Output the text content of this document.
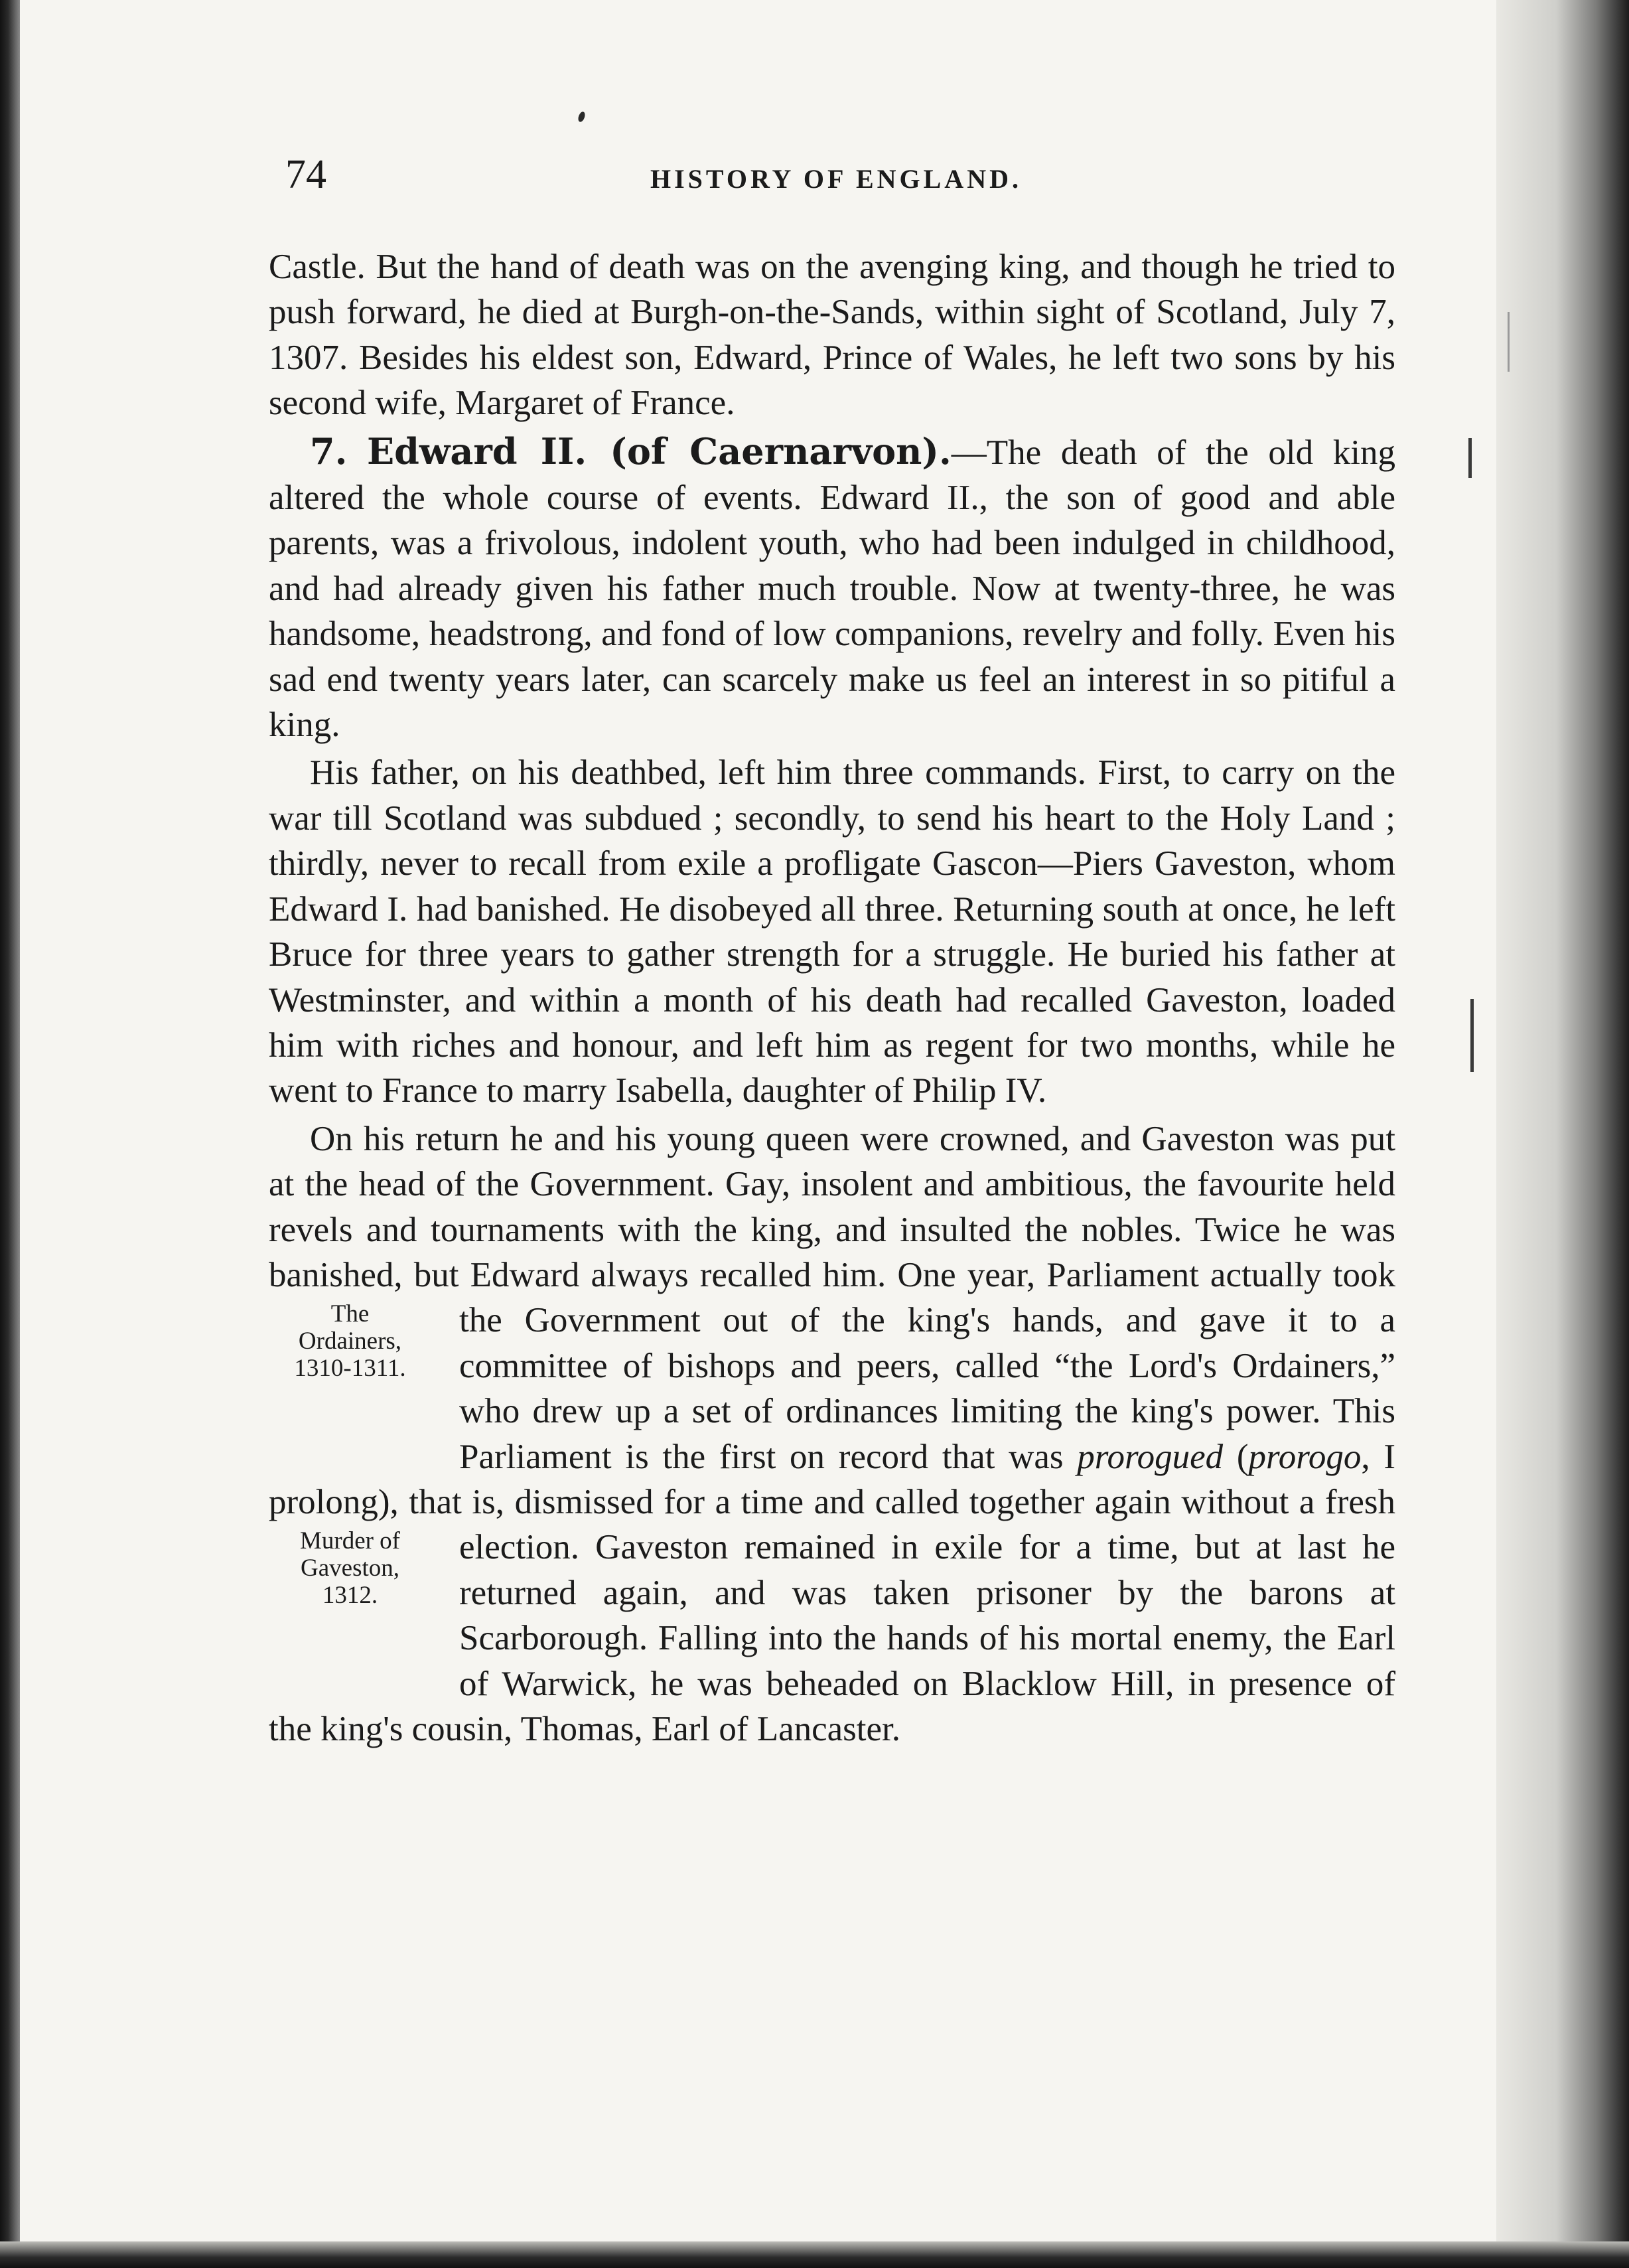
74	HISTORY OF ENGLAND.

Castle. But the hand of death was on the avenging king, and though he tried to push forward, he died at Burgh-on-the-Sands, within sight of Scotland, July 7, 1307. Besides his eldest son, Edward, Prince of Wales, he left two sons by his second wife, Margaret of France.

7. Edward II. (of Caernarvon).—The death of the old king altered the whole course of events. Edward II., the son of good and able parents, was a frivolous, indolent youth, who had been indulged in childhood, and had already given his father much trouble. Now at twenty-three, he was handsome, headstrong, and fond of low companions, revelry and folly. Even his sad end twenty years later, can scarcely make us feel an interest in so pitiful a king.

His father, on his deathbed, left him three commands. First, to carry on the war till Scotland was subdued ; secondly, to send his heart to the Holy Land ; thirdly, never to recall from exile a profligate Gascon—Piers Gaveston, whom Edward I. had banished. He disobeyed all three. Returning south at once, he left Bruce for three years to gather strength for a struggle. He buried his father at Westminster, and within a month of his death had recalled Gaveston, loaded him with riches and honour, and left him as regent for two months, while he went to France to marry Isabella, daughter of Philip IV.

On his return he and his young queen were crowned, and Gaveston was put at the head of the Government. Gay, insolent and ambitious, the favourite held revels and tournaments with the king, and insulted the nobles. Twice he was banished, but Edward always recalled him. One year, Parliament actually took the
The
Ordainers,
1310-1311.
Government out of the king's hands, and gave it to a committee of bishops and peers, called “the Lord's Ordainers,” who drew up a set of ordinances limiting the king's power. This Parliament is the first on record that was prorogued (prorogo, I prolong), that is, dismissed for a time and called together again without a fresh election. Gaveston remained
Murder of
Gaveston,
1312.
in exile for a time, but at last he returned again, and was taken prisoner by the barons at Scarborough. Falling into the hands of his mortal enemy, the Earl of Warwick, he was beheaded on Blacklow Hill, in presence of the king's cousin, Thomas, Earl of Lancaster.
